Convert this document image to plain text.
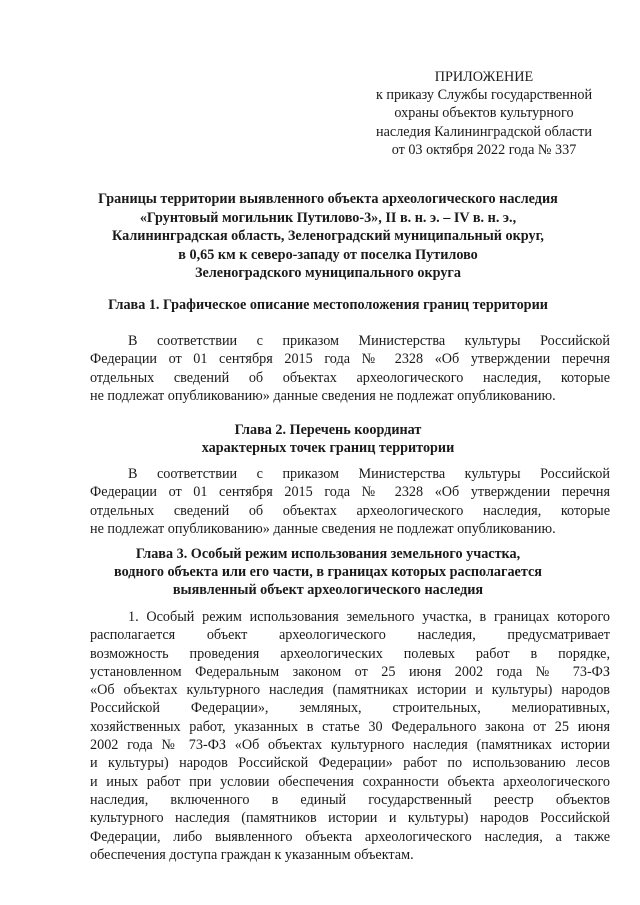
ПРИЛОЖЕНИЕ
к приказу Службы государственной
охраны объектов культурного
наследия Калининградской области
от 03 октября 2022 года № 337
Границы территории выявленного объекта археологического наследия
«Грунтовый могильник Путилово-3», II в. н. э. – IV в. н. э.,
Калининградская область, Зеленоградский муниципальный округ,
в 0,65 км к северо-западу от поселка Путилово
Зеленоградского муниципального округа
Глава 1. Графическое описание местоположения границ территории
В соответствии с приказом Министерства культуры Российской
Федерации от 01 сентября 2015 года № 2328 «Об утверждении перечня
отдельных сведений об объектах археологического наследия, которые
не подлежат опубликованию» данные сведения не подлежат опубликованию.
Глава 2. Перечень координат
характерных точек границ территории
В соответствии с приказом Министерства культуры Российской
Федерации от 01 сентября 2015 года № 2328 «Об утверждении перечня
отдельных сведений об объектах археологического наследия, которые
не подлежат опубликованию» данные сведения не подлежат опубликованию.
Глава 3. Особый режим использования земельного участка,
водного объекта или его части, в границах которых располагается
выявленный объект археологического наследия
1. Особый режим использования земельного участка, в границах которого
располагается объект археологического наследия, предусматривает
возможность проведения археологических полевых работ в порядке,
установленном Федеральным законом от 25 июня 2002 года № 73-ФЗ
«Об объектах культурного наследия (памятниках истории и культуры) народов
Российской Федерации», земляных, строительных, мелиоративных,
хозяйственных работ, указанных в статье 30 Федерального закона от 25 июня
2002 года № 73-ФЗ «Об объектах культурного наследия (памятниках истории
и культуры) народов Российской Федерации» работ по использованию лесов
и иных работ при условии обеспечения сохранности объекта археологического
наследия, включенного в единый государственный реестр объектов
культурного наследия (памятников истории и культуры) народов Российской
Федерации, либо выявленного объекта археологического наследия, а также
обеспечения доступа граждан к указанным объектам.
